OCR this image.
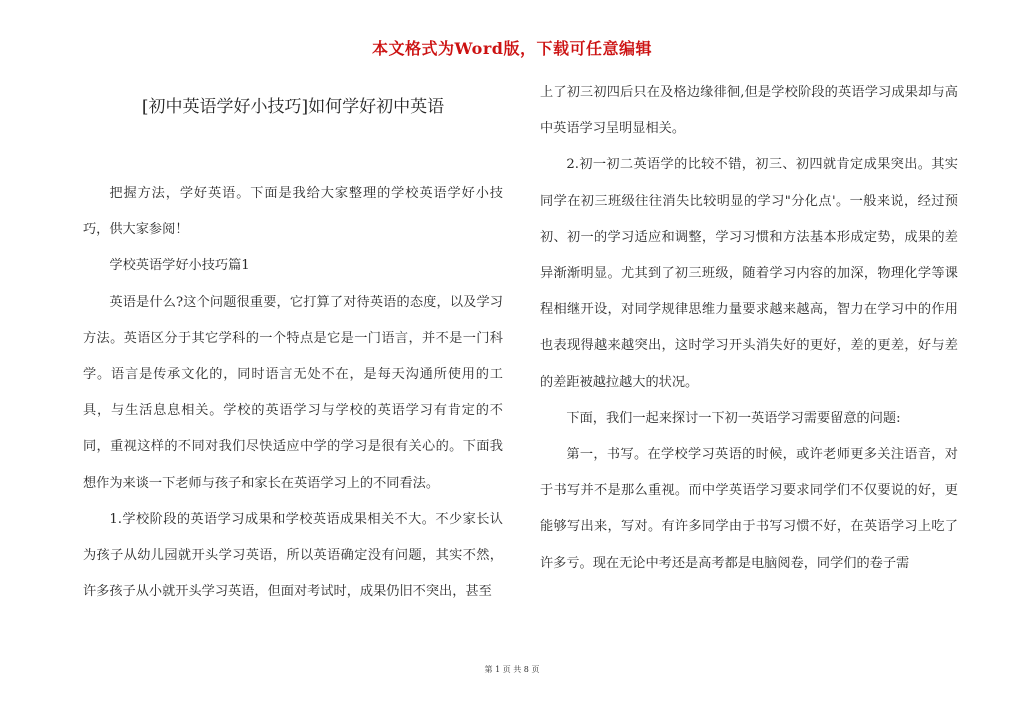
本文格式为Word版，下载可任意编辑
[初中英语学好小技巧]如何学好初中英语

把握方法，学好英语。下面是我给大家整理的学校英语学好小技巧，供大家参阅！

学校英语学好小技巧篇1

英语是什么?这个问题很重要，它打算了对待英语的态度，以及学习方法。英语区分于其它学科的一个特点是它是一门语言，并不是一门科学。语言是传承文化的，同时语言无处不在，是每天沟通所使用的工具，与生活息息相关。学校的英语学习与学校的英语学习有肯定的不同，重视这样的不同对我们尽快适应中学的学习是很有关心的。下面我想作为来谈一下老师与孩子和家长在英语学习上的不同看法。

1.学校阶段的英语学习成果和学校英语成果相关不大。不少家长认为孩子从幼儿园就开头学习英语，所以英语确定没有问题，其实不然，许多孩子从小就开头学习英语，但面对考试时，成果仍旧不突出，甚至

上了初三初四后只在及格边缘徘徊,但是学校阶段的英语学习成果却与高中英语学习呈明显相关。

2.初一初二英语学的比较不错，初三、初四就肯定成果突出。其实同学在初三班级往往消失比较明显的学习"分化点'。一般来说，经过预初、初一的学习适应和调整，学习习惯和方法基本形成定势，成果的差异渐渐明显。尤其到了初三班级，随着学习内容的加深，物理化学等课程相继开设，对同学规律思维力量要求越来越高，智力在学习中的作用也表现得越来越突出，这时学习开头消失好的更好，差的更差，好与差的差距被越拉越大的状况。

下面，我们一起来探讨一下初一英语学习需要留意的问题:

第一，书写。在学校学习英语的时候，或许老师更多关注语音，对于书写并不是那么重视。而中学英语学习要求同学们不仅要说的好，更能够写出来，写对。有许多同学由于书写习惯不好，在英语学习上吃了许多亏。现在无论中考还是高考都是电脑阅卷，同学们的卷子需

第 1 页 共 8 页
